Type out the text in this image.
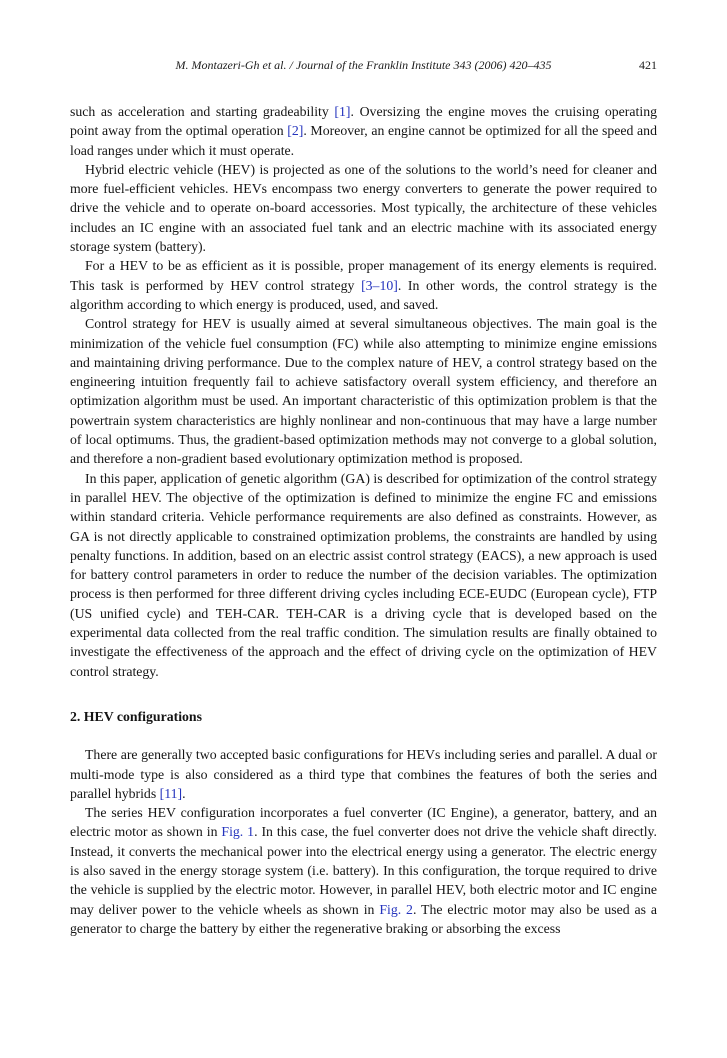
M. Montazeri-Gh et al. / Journal of the Franklin Institute 343 (2006) 420–435	421

such as acceleration and starting gradeability [1]. Oversizing the engine moves the cruising operating point away from the optimal operation [2]. Moreover, an engine cannot be optimized for all the speed and load ranges under which it must operate.

Hybrid electric vehicle (HEV) is projected as one of the solutions to the world’s need for cleaner and more fuel-efficient vehicles. HEVs encompass two energy converters to generate the power required to drive the vehicle and to operate on-board accessories. Most typically, the architecture of these vehicles includes an IC engine with an associated fuel tank and an electric machine with its associated energy storage system (battery).

For a HEV to be as efficient as it is possible, proper management of its energy elements is required. This task is performed by HEV control strategy [3–10]. In other words, the control strategy is the algorithm according to which energy is produced, used, and saved.

Control strategy for HEV is usually aimed at several simultaneous objectives. The main goal is the minimization of the vehicle fuel consumption (FC) while also attempting to minimize engine emissions and maintaining driving performance. Due to the complex nature of HEV, a control strategy based on the engineering intuition frequently fail to achieve satisfactory overall system efficiency, and therefore an optimization algorithm must be used. An important characteristic of this optimization problem is that the powertrain system characteristics are highly nonlinear and non-continuous that may have a large number of local optimums. Thus, the gradient-based optimization methods may not converge to a global solution, and therefore a non-gradient based evolutionary optimization method is proposed.

In this paper, application of genetic algorithm (GA) is described for optimization of the control strategy in parallel HEV. The objective of the optimization is defined to minimize the engine FC and emissions within standard criteria. Vehicle performance requirements are also defined as constraints. However, as GA is not directly applicable to constrained optimization problems, the constraints are handled by using penalty functions. In addition, based on an electric assist control strategy (EACS), a new approach is used for battery control parameters in order to reduce the number of the decision variables. The optimization process is then performed for three different driving cycles including ECE-EUDC (European cycle), FTP (US unified cycle) and TEH-CAR. TEH-CAR is a driving cycle that is developed based on the experimental data collected from the real traffic condition. The simulation results are finally obtained to investigate the effectiveness of the approach and the effect of driving cycle on the optimization of HEV control strategy.

2. HEV configurations

There are generally two accepted basic configurations for HEVs including series and parallel. A dual or multi-mode type is also considered as a third type that combines the features of both the series and parallel hybrids [11].

The series HEV configuration incorporates a fuel converter (IC Engine), a generator, battery, and an electric motor as shown in Fig. 1. In this case, the fuel converter does not drive the vehicle shaft directly. Instead, it converts the mechanical power into the electrical energy using a generator. The electric energy is also saved in the energy storage system (i.e. battery). In this configuration, the torque required to drive the vehicle is supplied by the electric motor. However, in parallel HEV, both electric motor and IC engine may deliver power to the vehicle wheels as shown in Fig. 2. The electric motor may also be used as a generator to charge the battery by either the regenerative braking or absorbing the excess
